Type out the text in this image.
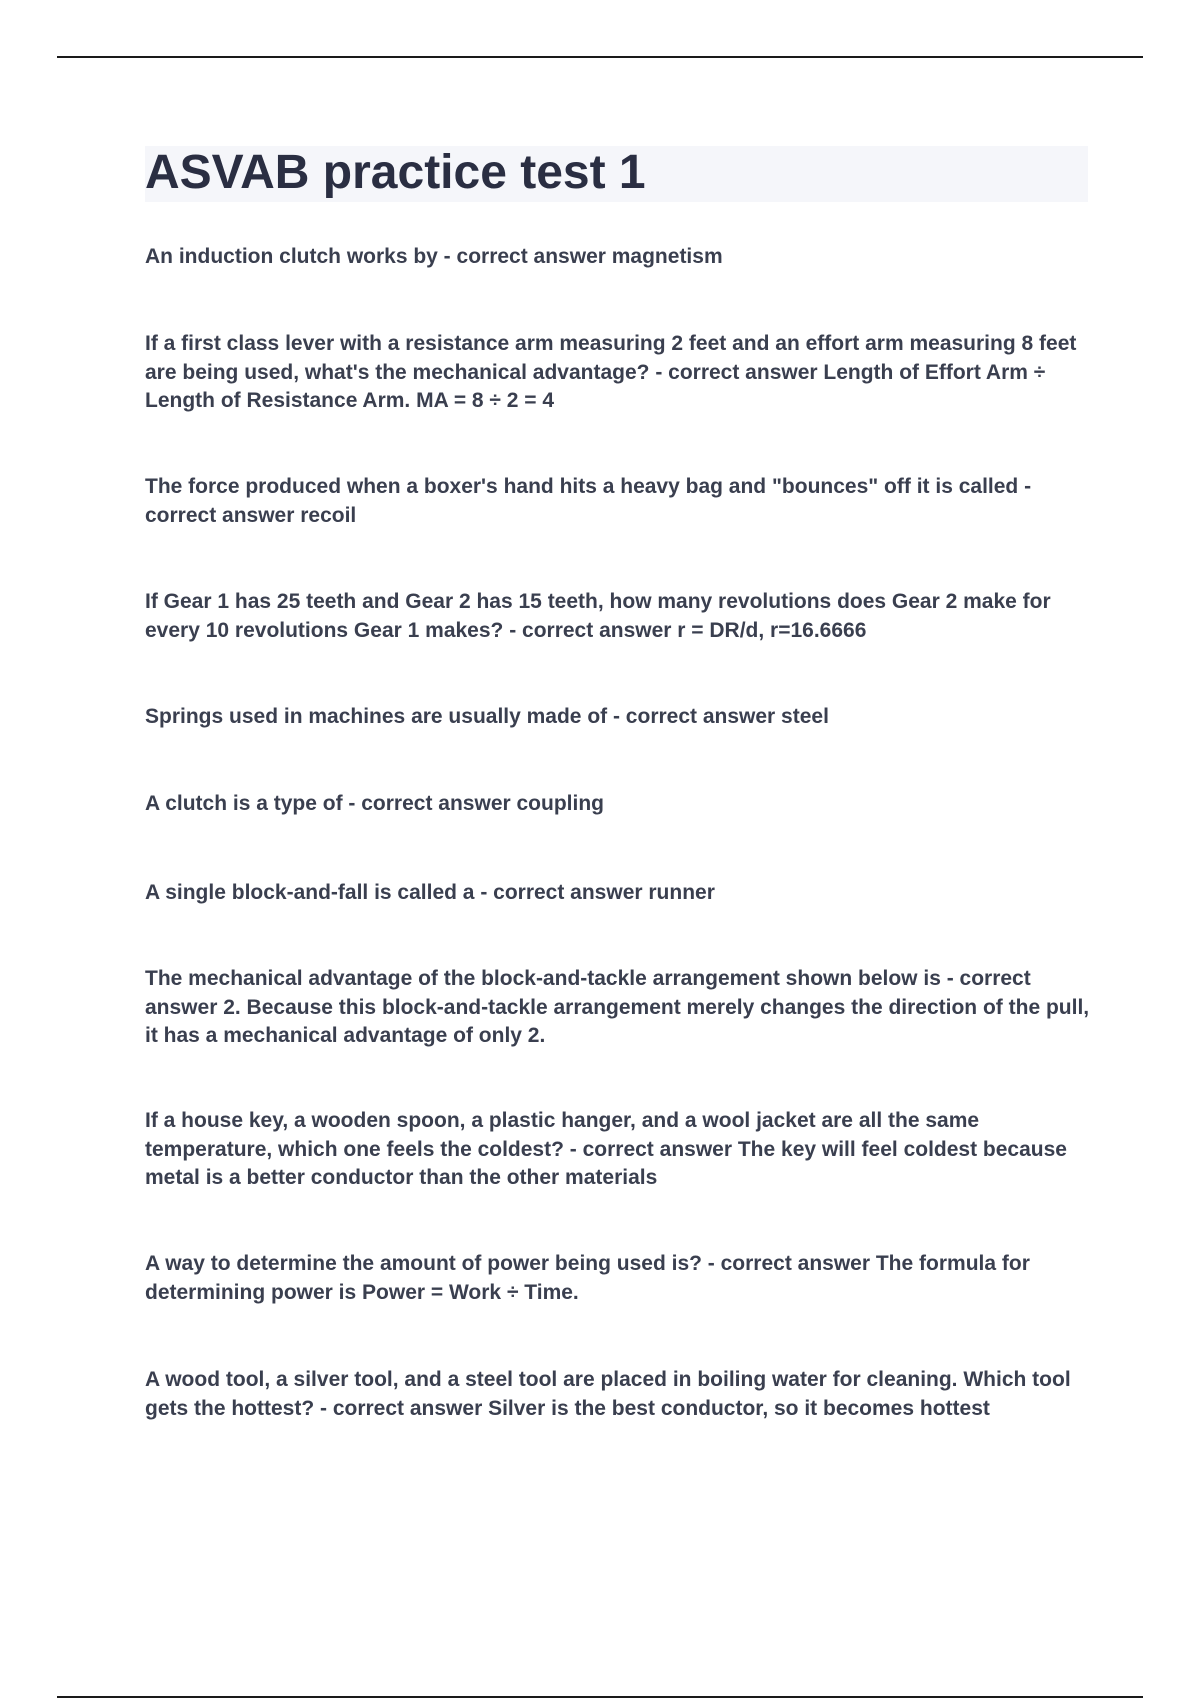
ASVAB practice test 1

An induction clutch works by - correct answer magnetism

If a first class lever with a resistance arm measuring 2 feet and an effort arm measuring 8 feet are being used, what's the mechanical advantage? - correct answer Length of Effort Arm ÷ Length of Resistance Arm. MA = 8 ÷ 2 = 4

The force produced when a boxer's hand hits a heavy bag and "bounces" off it is called - correct answer recoil

If Gear 1 has 25 teeth and Gear 2 has 15 teeth, how many revolutions does Gear 2 make for every 10 revolutions Gear 1 makes? - correct answer r = DR/d, r=16.6666

Springs used in machines are usually made of - correct answer steel

A clutch is a type of - correct answer coupling

A single block-and-fall is called a - correct answer runner

The mechanical advantage of the block-and-tackle arrangement shown below is - correct answer 2. Because this block-and-tackle arrangement merely changes the direction of the pull, it has a mechanical advantage of only 2.

If a house key, a wooden spoon, a plastic hanger, and a wool jacket are all the same temperature, which one feels the coldest? - correct answer The key will feel coldest because metal is a better conductor than the other materials

A way to determine the amount of power being used is? - correct answer The formula for determining power is Power = Work ÷ Time.

A wood tool, a silver tool, and a steel tool are placed in boiling water for cleaning. Which tool gets the hottest? - correct answer Silver is the best conductor, so it becomes hottest
